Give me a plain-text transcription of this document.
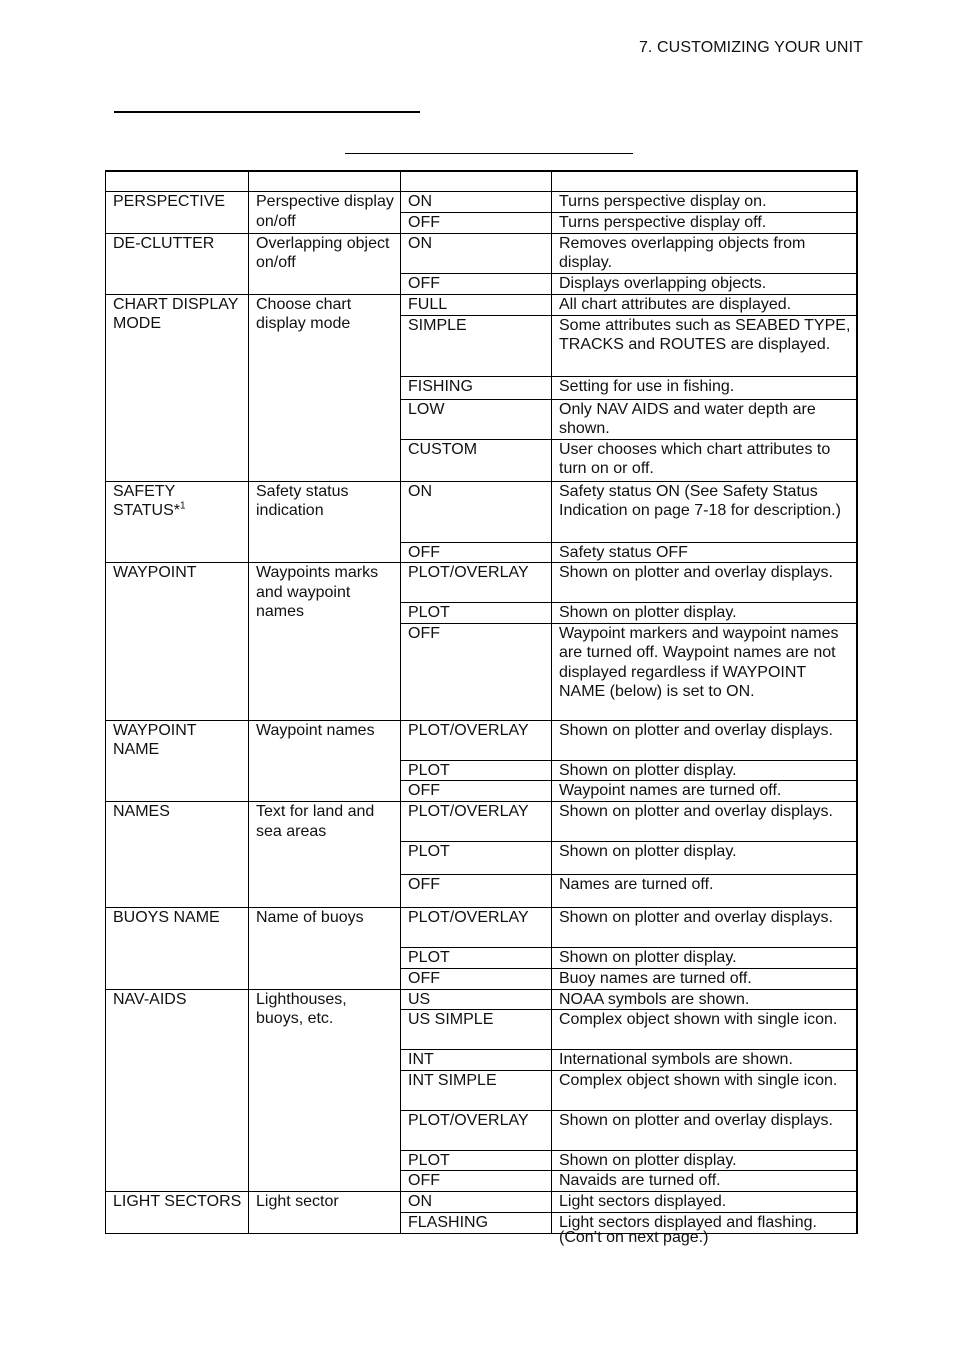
7. CUSTOMIZING YOUR UNIT

PERSPECTIVE	Perspective display on/off	ON	Turns perspective display on.
		OFF	Turns perspective display off.
DE-CLUTTER	Overlapping object on/off	ON	Removes overlapping objects from display.
		OFF	Displays overlapping objects.
CHART DISPLAY MODE	Choose chart display mode	FULL	All chart attributes are displayed.
		SIMPLE	Some attributes such as SEABED TYPE, TRACKS and ROUTES are displayed.
		FISHING	Setting for use in fishing.
		LOW	Only NAV AIDS and water depth are shown.
		CUSTOM	User chooses which chart attributes to turn on or off.
SAFETY STATUS*$^1$	Safety status indication	ON	Safety status ON (See Safety Status Indication on page 7-18 for description.)
		OFF	Safety status OFF
WAYPOINT	Waypoints marks and waypoint names	PLOT/OVERLAY	Shown on plotter and overlay displays.
		PLOT	Shown on plotter display.
		OFF	Waypoint markers and waypoint names are turned off. Waypoint names are not displayed regardless if WAYPOINT NAME (below) is set to ON.
WAYPOINT NAME	Waypoint names	PLOT/OVERLAY	Shown on plotter and overlay displays.
		PLOT	Shown on plotter display.
		OFF	Waypoint names are turned off.
NAMES	Text for land and sea areas	PLOT/OVERLAY	Shown on plotter and overlay displays.
		PLOT	Shown on plotter display.
		OFF	Names are turned off.
BUOYS NAME	Name of buoys	PLOT/OVERLAY	Shown on plotter and overlay displays.
		PLOT	Shown on plotter display.
		OFF	Buoy names are turned off.
NAV-AIDS	Lighthouses, buoys, etc.	US	NOAA symbols are shown.
		US SIMPLE	Complex object shown with single icon.
		INT	International symbols are shown.
		INT SIMPLE	Complex object shown with single icon.
		PLOT/OVERLAY	Shown on plotter and overlay displays.
		PLOT	Shown on plotter display.
		OFF	Navaids are turned off.
LIGHT SECTORS	Light sector	ON	Light sectors displayed.
		FLASHING	Light sectors displayed and flashing.
(Con’t on next page.)
